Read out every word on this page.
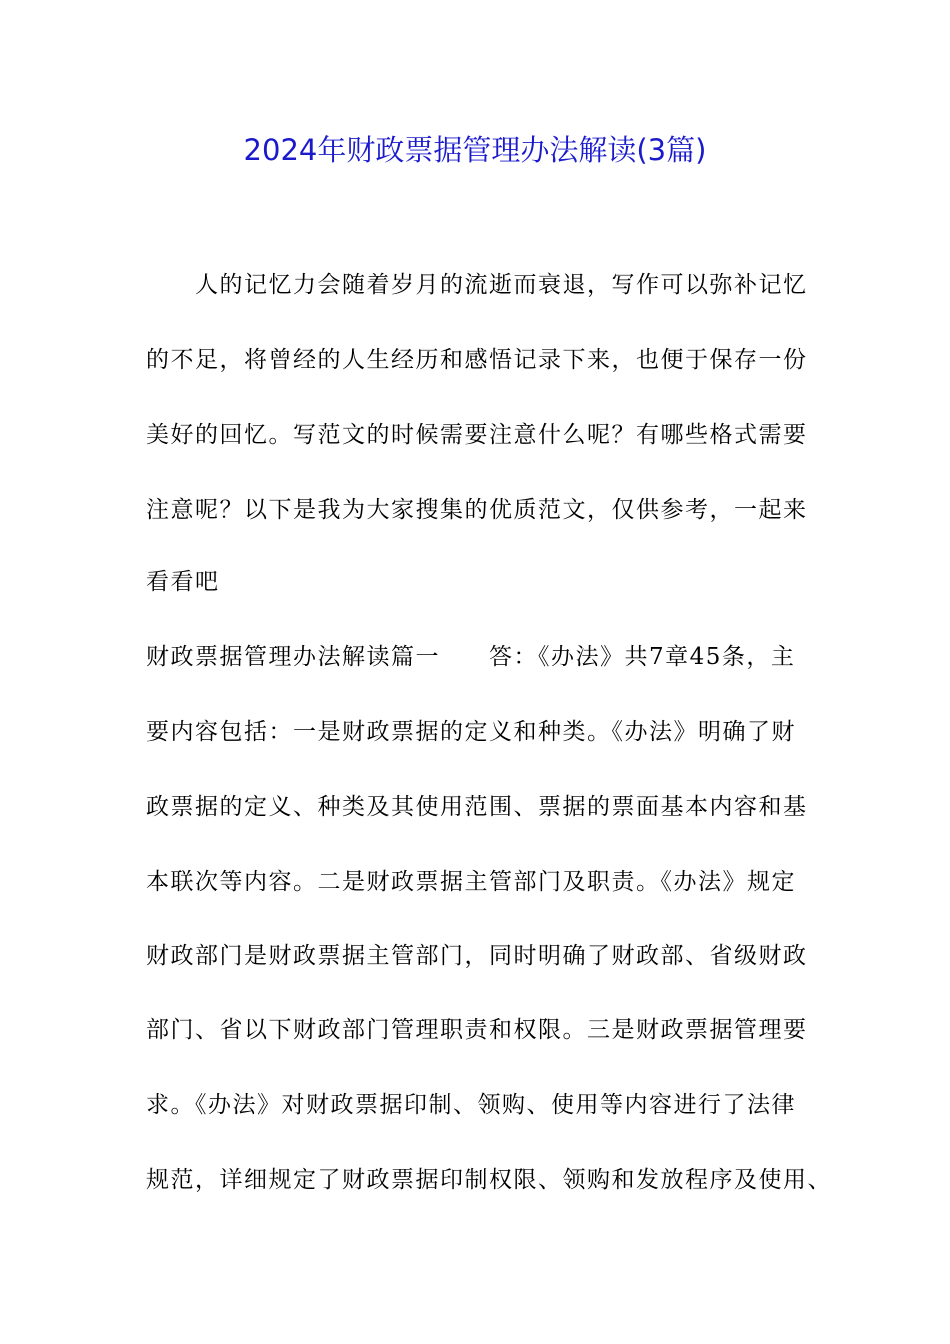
2024年财政票据管理办法解读(3篇)
　　人的记忆力会随着岁月的流逝而衰退，写作可以弥补记忆
的不足，将曾经的人生经历和感悟记录下来，也便于保存一份
美好的回忆。写范文的时候需要注意什么呢？有哪些格式需要
注意呢？以下是我为大家搜集的优质范文，仅供参考，一起来
看看吧
财政票据管理办法解读篇一　　答：《办法》共7章45条，主
要内容包括：一是财政票据的定义和种类。《办法》明确了财
政票据的定义、种类及其使用范围、票据的票面基本内容和基
本联次等内容。二是财政票据主管部门及职责。《办法》规定
财政部门是财政票据主管部门，同时明确了财政部、省级财政
部门、省以下财政部门管理职责和权限。三是财政票据管理要
求。《办法》对财政票据印制、领购、使用等内容进行了法律
规范，详细规定了财政票据印制权限、领购和发放程序及使用、
